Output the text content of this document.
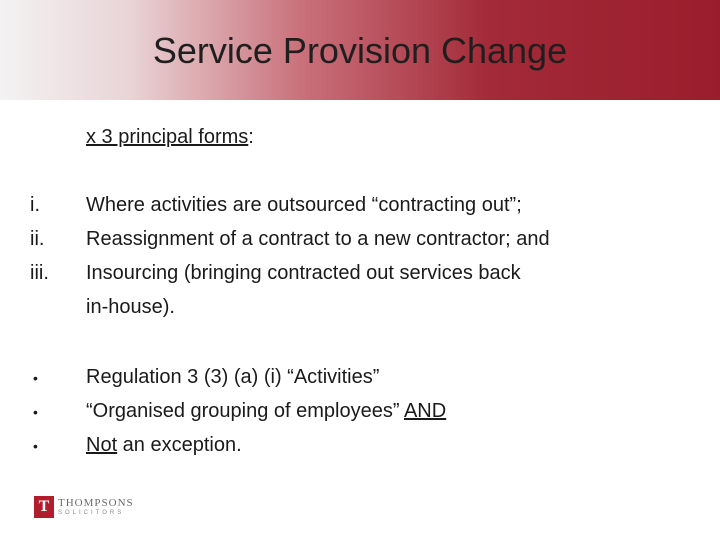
Service Provision Change
x 3 principal forms:
i. Where activities are outsourced “contracting out”;
ii. Reassignment of a contract to a new contractor; and
iii. Insourcing (bringing contracted out services back
in-house).
• Regulation 3 (3) (a) (i) “Activities”
• “Organised grouping of employees” AND
• Not an exception.
T THOMPSONS
SOLICITORS
